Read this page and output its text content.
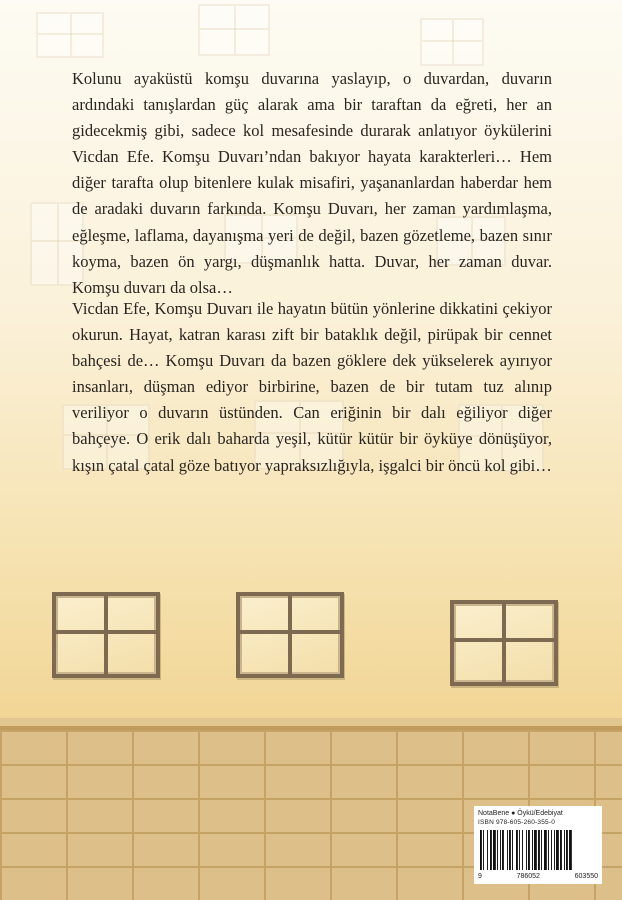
Kolunu ayaküstü komşu duvarına yaslayıp, o duvardan, duvarın ardındaki tanışlardan güç alarak ama bir taraftan da eğreti, her an gidecekmiş gibi, sadece kol mesafesinde durarak anlatıyor öykülerini Vicdan Efe. Komşu Duvarı’ndan bakıyor hayata karakterleri… Hem diğer tarafta olup bitenlere kulak misafiri, yaşananlardan haberdar hem de aradaki duvarın farkında. Komşu Duvarı, her zaman yardımlaşma, eğleşme, laflama, dayanışma yeri de değil, bazen gözetleme, bazen sınır koyma, bazen ön yargı, düşmanlık hatta. Duvar, her zaman duvar. Komşu duvarı da olsa…

Vicdan Efe, Komşu Duvarı ile hayatın bütün yönlerine dikkatini çekiyor okurun. Hayat, katran karası zift bir bataklık değil, pirüpak bir cennet bahçesi de… Komşu Duvarı da bazen göklere dek yükselerek ayırıyor insanları, düşman ediyor birbirine, bazen de bir tutam tuz alınıp veriliyor o duvarın üstünden. Can eriğinin bir dalı eğiliyor diğer bahçeye. O erik dalı baharda yeşil, kütür kütür bir öyküye dönüşüyor, kışın çatal çatal göze batıyor yapraksızlığıyla, işgalci bir öncü kol gibi…

NotaBene ● Öykü/Edebiyat
ISBN 978-605-260-355-0
9	786052	603550
